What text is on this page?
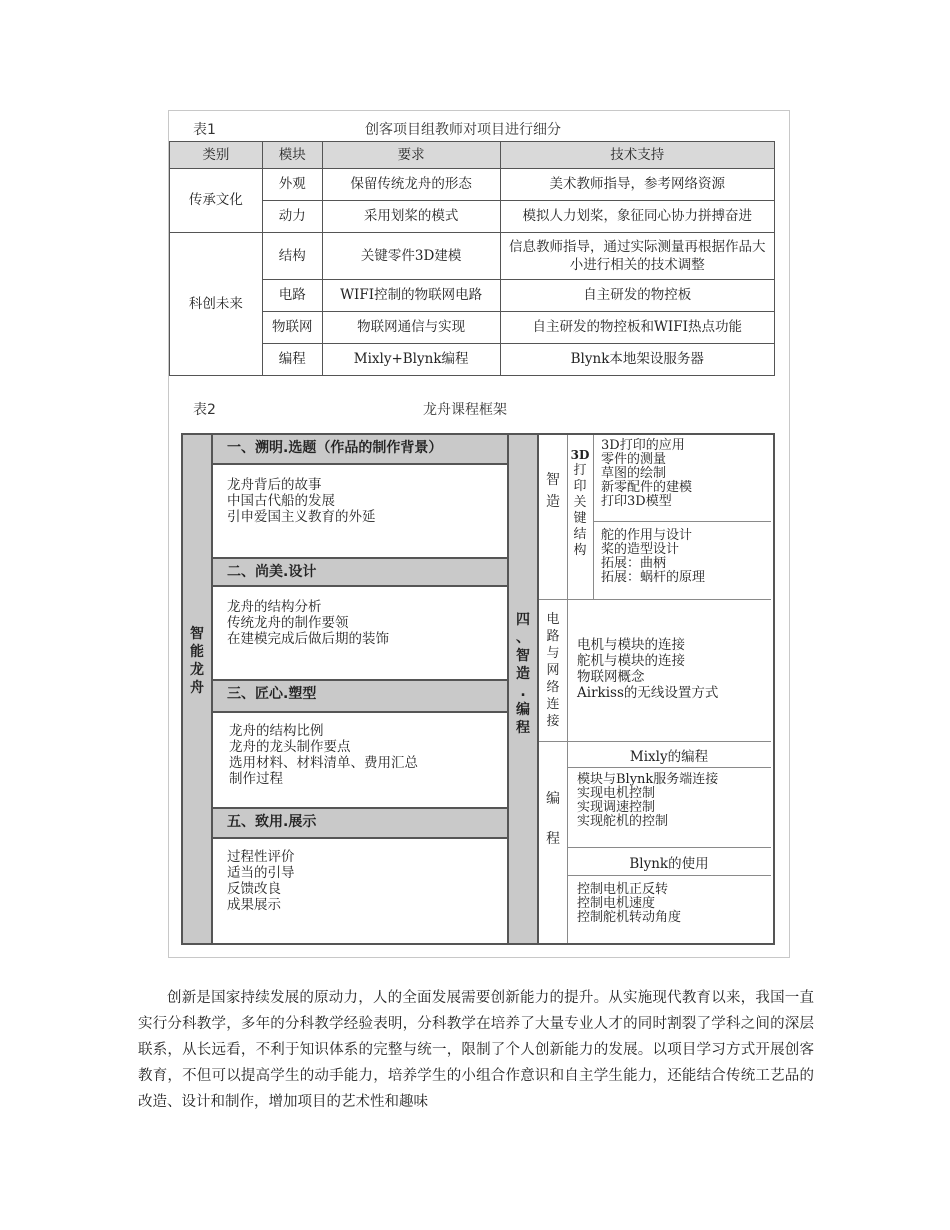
表1	创客项目组教师对项目进行细分
类别	模块	要求	技术支持
传承文化	外观	保留传统龙舟的形态	美术教师指导，参考网络资源
	动力	采用划桨的模式	模拟人力划桨，象征同心协力拼搏奋进
科创未来	结构	关键零件3D建模	信息教师指导，通过实际测量再根据作品大小进行相关的技术调整
	电路	WIFI控制的物联网电路	自主研发的物控板
	物联网	物联网通信与实现	自主研发的物控板和WIFI热点功能
	编程	Mixly+Blynk编程	Blynk本地架设服务器
表2	龙舟课程框架
智
能
龙
舟
一、溯明.选题（作品的制作背景）
龙舟背后的故事
中国古代船的发展
引申爱国主义教育的外延
二、尚美.设计
龙舟的结构分析
传统龙舟的制作要领
在建模完成后做后期的装饰
三、匠心.塑型
龙舟的结构比例
龙舟的龙头制作要点
选用材料、材料清单、费用汇总
制作过程
五、致用.展示
过程性评价
适当的引导
反馈改良
成果展示
四
、
智
造
.
编
程
智
造
3D
打
印
关
键
结
构
3D打印的应用
零件的测量
草图的绘制
新零配件的建模
打印3D模型
舵的作用与设计
桨的造型设计
拓展：曲柄
拓展：蜗杆的原理
电
路
与
网
络
连
接
电机与模块的连接
舵机与模块的连接
物联网概念
Airkiss的无线设置方式
编
程
Mixly的编程
模块与Blynk服务端连接
实现电机控制
实现调速控制
实现舵机的控制
Blynk的使用
控制电机正反转
控制电机速度
控制舵机转动角度

创新是国家持续发展的原动力，人的全面发展需要创新能力的提升。从实施现代教育以来，我国一直实行分科教学，多年的分科教学经验表明，分科教学在培养了大量专业人才的同时割裂了学科之间的深层联系，从长远看，不利于知识体系的完整与统一，限制了个人创新能力的发展。以项目学习方式开展创客教育，不但可以提高学生的动手能力，培养学生的小组合作意识和自主学生能力，还能结合传统工艺品的改造、设计和制作，增加项目的艺术性和趣味
